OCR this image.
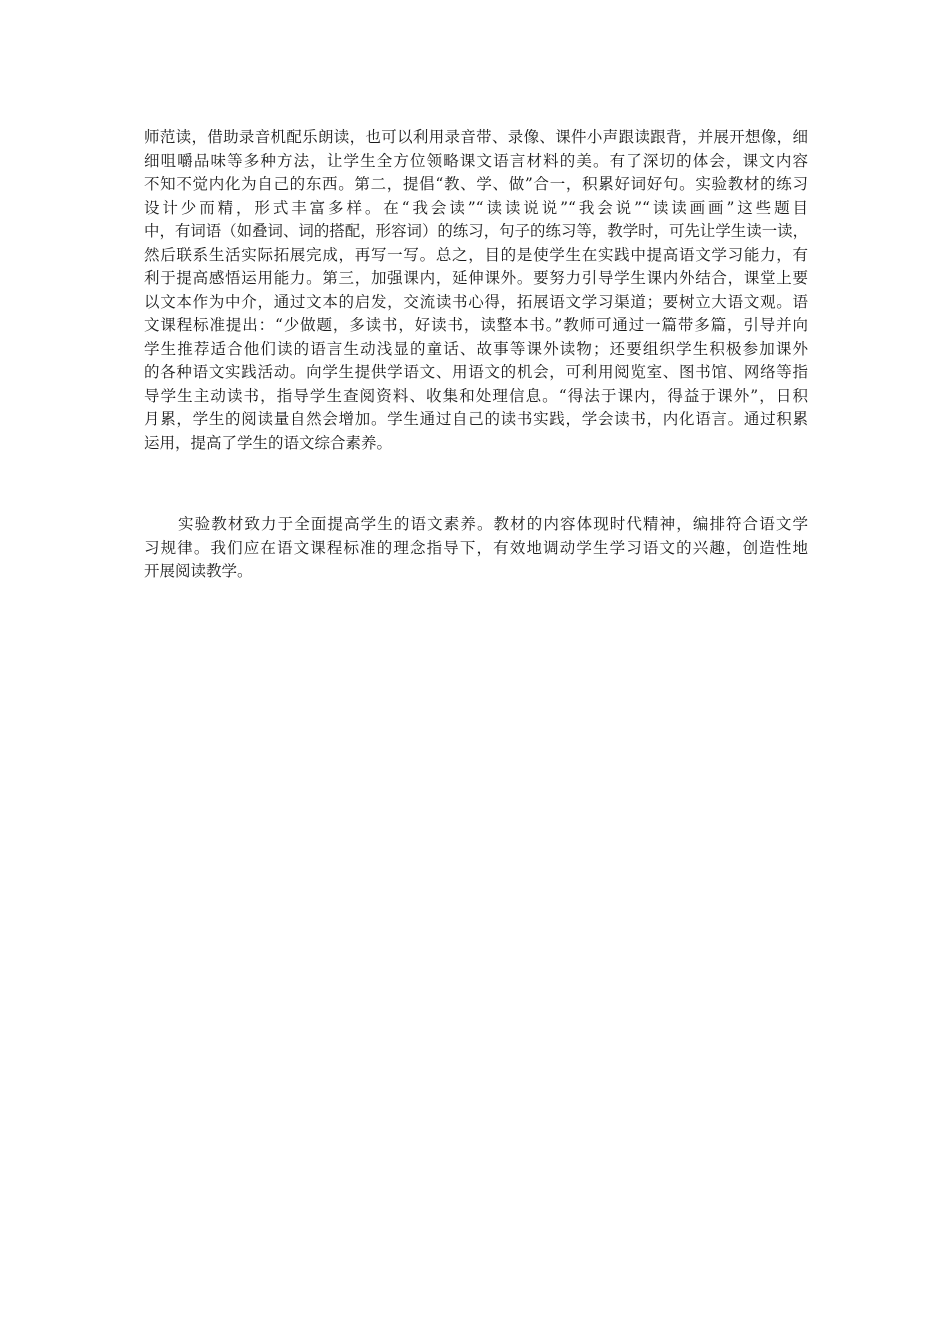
师范读，借助录音机配乐朗读，也可以利用录音带、录像、课件小声跟读跟背，并展开想像，细
细咀嚼品味等多种方法，让学生全方位领略课文语言材料的美。有了深切的体会，课文内容
不知不觉内化为自己的东西。第二，提倡“教、学、做”合一，积累好词好句。实验教材的练习
设计少而精，形式丰富多样。在“我会读”“读读说说”“我会说”“读读画画”这些题目
中，有词语（如叠词、词的搭配，形容词）的练习，句子的练习等，教学时，可先让学生读一读，
然后联系生活实际拓展完成，再写一写。总之，目的是使学生在实践中提高语文学习能力，有
利于提高感悟运用能力。第三，加强课内，延伸课外。要努力引导学生课内外结合，课堂上要
以文本作为中介，通过文本的启发，交流读书心得，拓展语文学习渠道；要树立大语文观。语
文课程标准提出：“少做题，多读书，好读书，读整本书。”教师可通过一篇带多篇，引导并向
学生推荐适合他们读的语言生动浅显的童话、故事等课外读物；还要组织学生积极参加课外
的各种语文实践活动。向学生提供学语文、用语文的机会，可利用阅览室、图书馆、网络等指
导学生主动读书，指导学生查阅资料、收集和处理信息。“得法于课内，得益于课外”，日积
月累，学生的阅读量自然会增加。学生通过自己的读书实践，学会读书，内化语言。通过积累
运用，提高了学生的语文综合素养。
实验教材致力于全面提高学生的语文素养。教材的内容体现时代精神，编排符合语文学
习规律。我们应在语文课程标准的理念指导下，有效地调动学生学习语文的兴趣，创造性地
开展阅读教学。
